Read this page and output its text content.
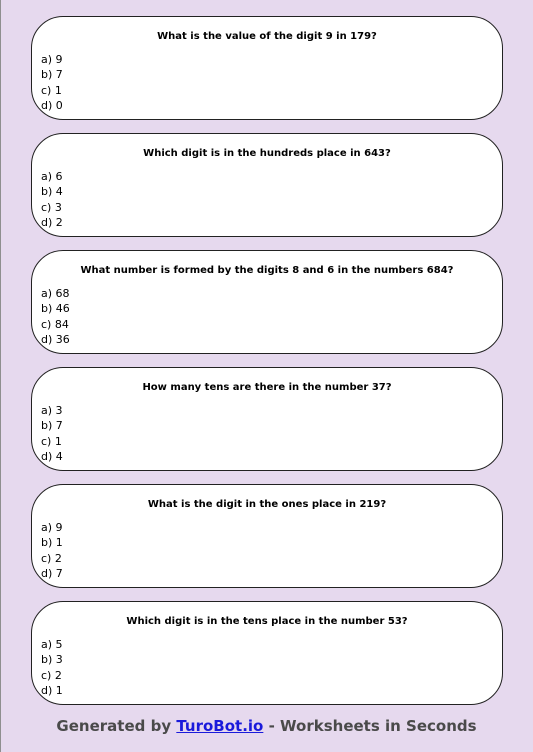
What is the value of the digit 9 in 179?
a) 9
b) 7
c) 1
d) 0
Which digit is in the hundreds place in 643?
a) 6
b) 4
c) 3
d) 2
What number is formed by the digits 8 and 6 in the numbers 684?
a) 68
b) 46
c) 84
d) 36
How many tens are there in the number 37?
a) 3
b) 7
c) 1
d) 4
What is the digit in the ones place in 219?
a) 9
b) 1
c) 2
d) 7
Which digit is in the tens place in the number 53?
a) 5
b) 3
c) 2
d) 1
Generated by TuroBot.io - Worksheets in Seconds
